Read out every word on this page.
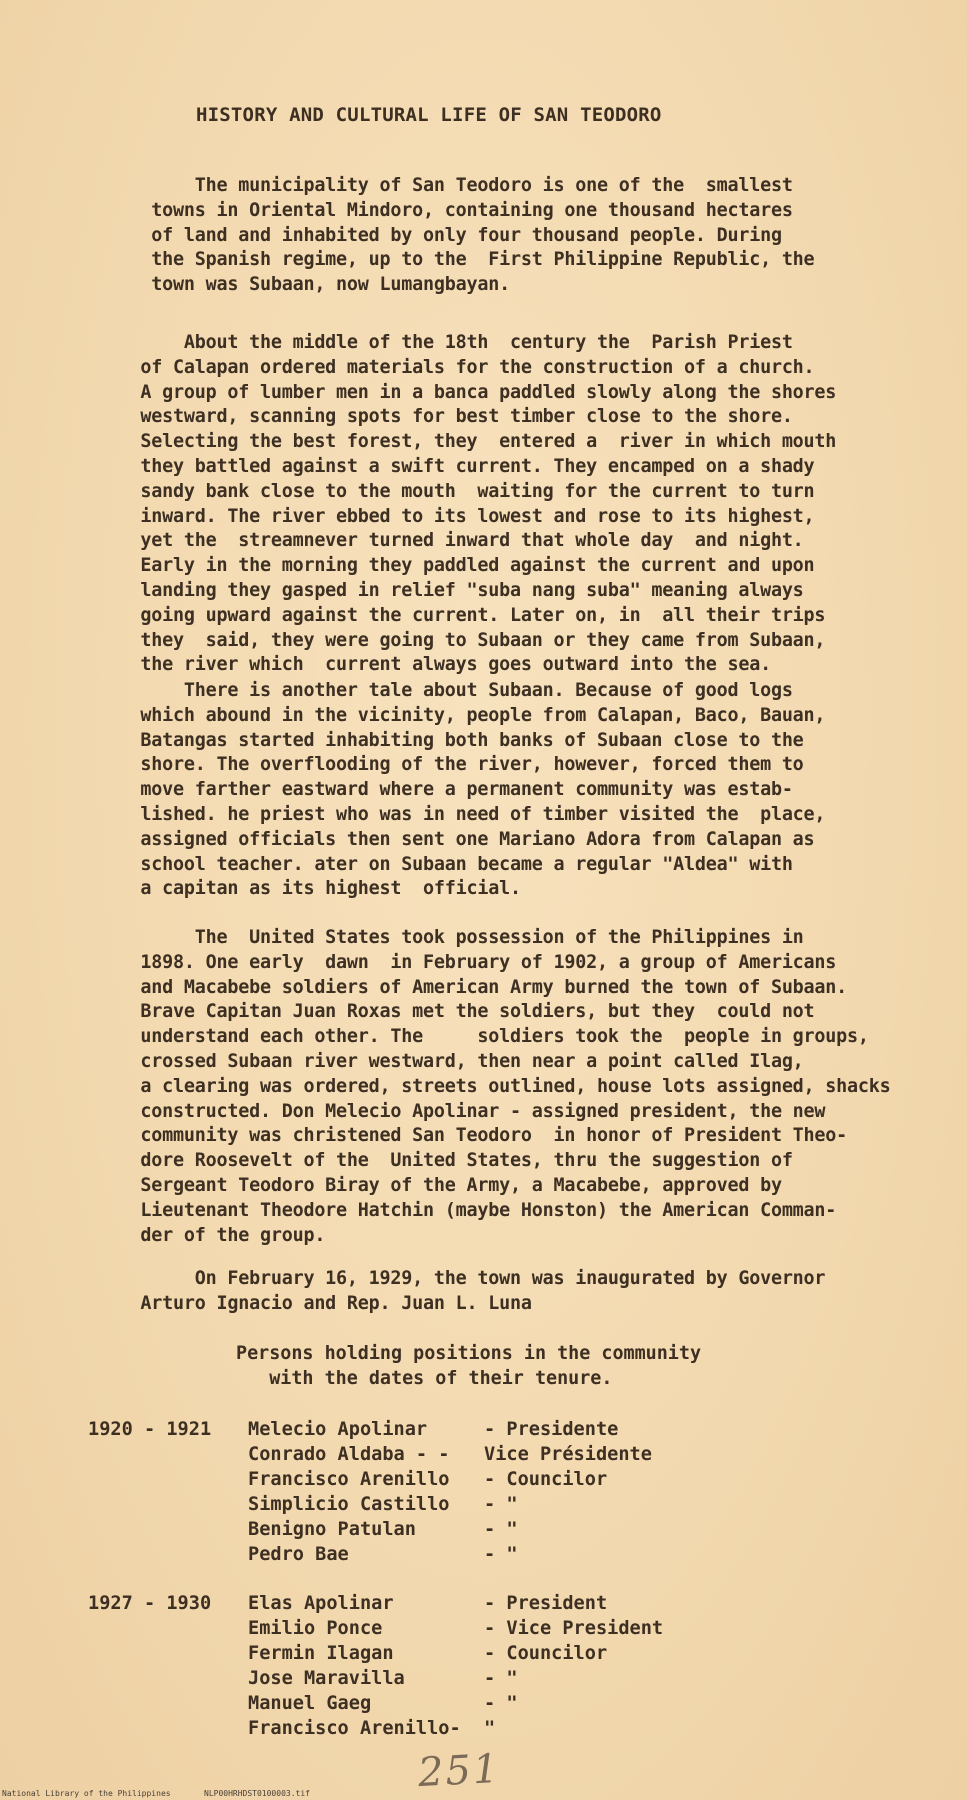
HISTORY AND CULTURAL LIFE OF SAN TEODORO
The municipality of San Teodoro is one of the  smallest
towns in Oriental Mindoro, containing one thousand hectares
of land and inhabited by only four thousand people. During
the Spanish regime, up to the  First Philippine Republic, the
town was Subaan, now Lumangbayan.
About the middle of the 18th  century the  Parish Priest
of Calapan ordered materials for the construction of a church.
A group of lumber men in a banca paddled slowly along the shores
westward, scanning spots for best timber close to the shore.
Selecting the best forest, they  entered a  river in which mouth
they battled against a swift current. They encamped on a shady
sandy bank close to the mouth  waiting for the current to turn
inward. The river ebbed to its lowest and rose to its highest,
yet the  streamnever turned inward that whole day  and night.
Early in the morning they paddled against the current and upon
landing they gasped in relief "suba nang suba" meaning always
going upward against the current. Later on, in  all their trips
they  said, they were going to Subaan or they came from Subaan,
the river which  current always goes outward into the sea.
There is another tale about Subaan. Because of good logs
which abound in the vicinity, people from Calapan, Baco, Bauan,
Batangas started inhabiting both banks of Subaan close to the
shore. The overflooding of the river, however, forced them to
move farther eastward where a permanent community was estab-
lished. he priest who was in need of timber visited the  place,
assigned officials then sent one Mariano Adora from Calapan as
school teacher. ater on Subaan became a regular "Aldea" with
a capitan as its highest  official.
The  United States took possession of the Philippines in
1898. One early  dawn  in February of 1902, a group of Americans
and Macabebe soldiers of American Army burned the town of Subaan.
Brave Capitan Juan Roxas met the soldiers, but they  could not
understand each other. The     soldiers took the  people in groups,
crossed Subaan river westward, then near a point called Ilag,
a clearing was ordered, streets outlined, house lots assigned, shacks
constructed. Don Melecio Apolinar - assigned president, the new
community was christened San Teodoro  in honor of President Theo-
dore Roosevelt of the  United States, thru the suggestion of
Sergeant Teodoro Biray of the Army, a Macabebe, approved by
Lieutenant Theodore Hatchin (maybe Honston) the American Comman-
der of the group.
On February 16, 1929, the town was inaugurated by Governor
Arturo Ignacio and Rep. Juan L. Luna
Persons holding positions in the community
with the dates of their tenure.
1920 - 1921 Melecio Apolinar	- Presidente
Conrado Aldaba - - Vice Présidente
Francisco Arenillo - Councilor
Simplicio Castillo - "
Benigno Patulan	- "
Pedro Bae	- "
1927 - 1930 Elas Apolinar	- President
Emilio Ponce	- Vice President
Fermin Ilagan	- Councilor
Jose Maravilla	- "
Manuel Gaeg	- "
Francisco Arenillo- "
251
National Library of the Philippines	NLP00HRHDST0100003.tif
